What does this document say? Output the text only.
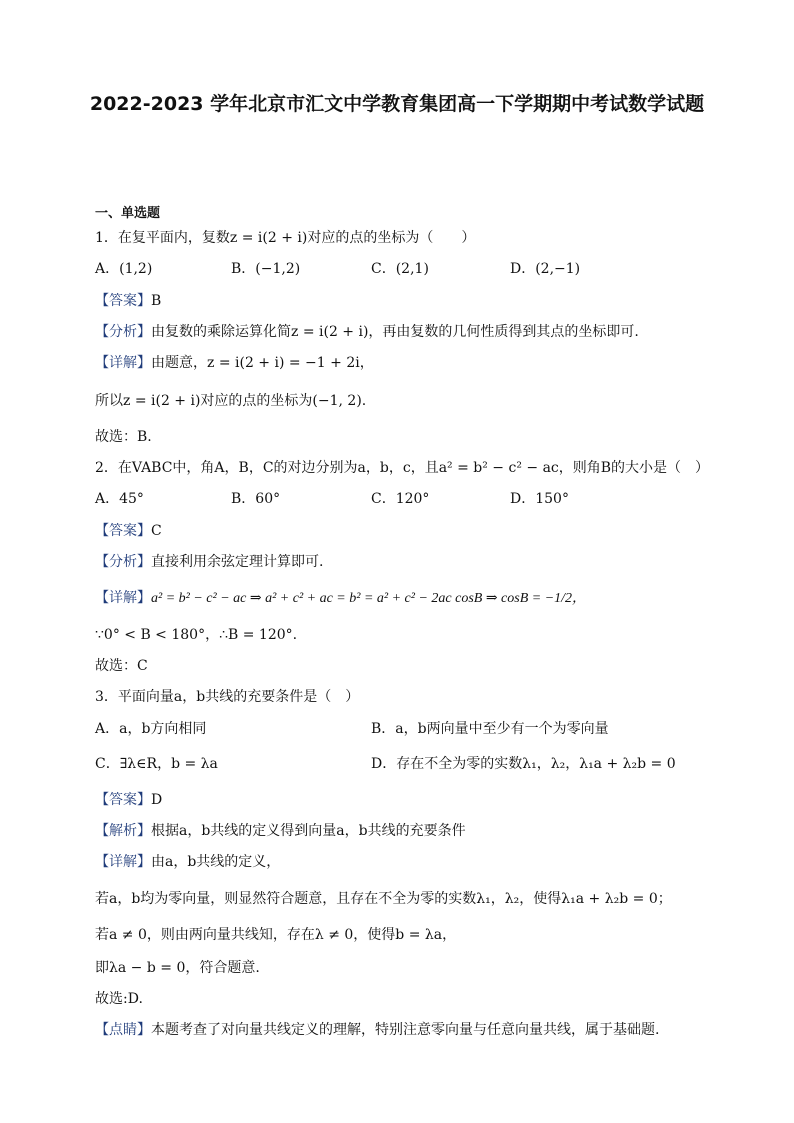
2022-2023 学年北京市汇文中学教育集团高一下学期期中考试数学试题
一、单选题
1．在复平面内，复数z = i(2 + i)对应的点的坐标为（　　）
A．(1,2)	B．(−1,2)	C．(2,1)	D．(2,−1)
【答案】B
【分析】由复数的乘除运算化简z = i(2 + i)，再由复数的几何性质得到其点的坐标即可.
【详解】由题意，z = i(2 + i) = −1 + 2i，
所以z = i(2 + i)对应的点的坐标为(−1, 2).
故选：B.
2．在VABC中，角A，B，C的对边分别为a，b，c，且a² = b² − c² − ac，则角B的大小是（　）
A．45°	B．60°	C．120°	D．150°
【答案】C
【分析】直接利用余弦定理计算即可.
【详解】a² = b² − c² − ac ⇒ a² + c² + ac = b² = a² + c² − 2ac cosB ⇒ cosB = −1/2，
∵0° < B < 180°，∴B = 120°.
故选：C
3．平面向量a，b共线的充要条件是（　）
A．a，b方向相同	B．a，b两向量中至少有一个为零向量
C．∃λ∈R，b = λa	D．存在不全为零的实数λ₁，λ₂，λ₁a + λ₂b = 0
【答案】D
【解析】根据a，b共线的定义得到向量a，b共线的充要条件
【详解】由a，b共线的定义，
若a，b均为零向量，则显然符合题意，且存在不全为零的实数λ₁，λ₂，使得λ₁a + λ₂b = 0；
若a ≠ 0，则由两向量共线知，存在λ ≠ 0，使得b = λa，
即λa − b = 0，符合题意.
故选:D.
【点睛】本题考查了对向量共线定义的理解，特别注意零向量与任意向量共线，属于基础题.
